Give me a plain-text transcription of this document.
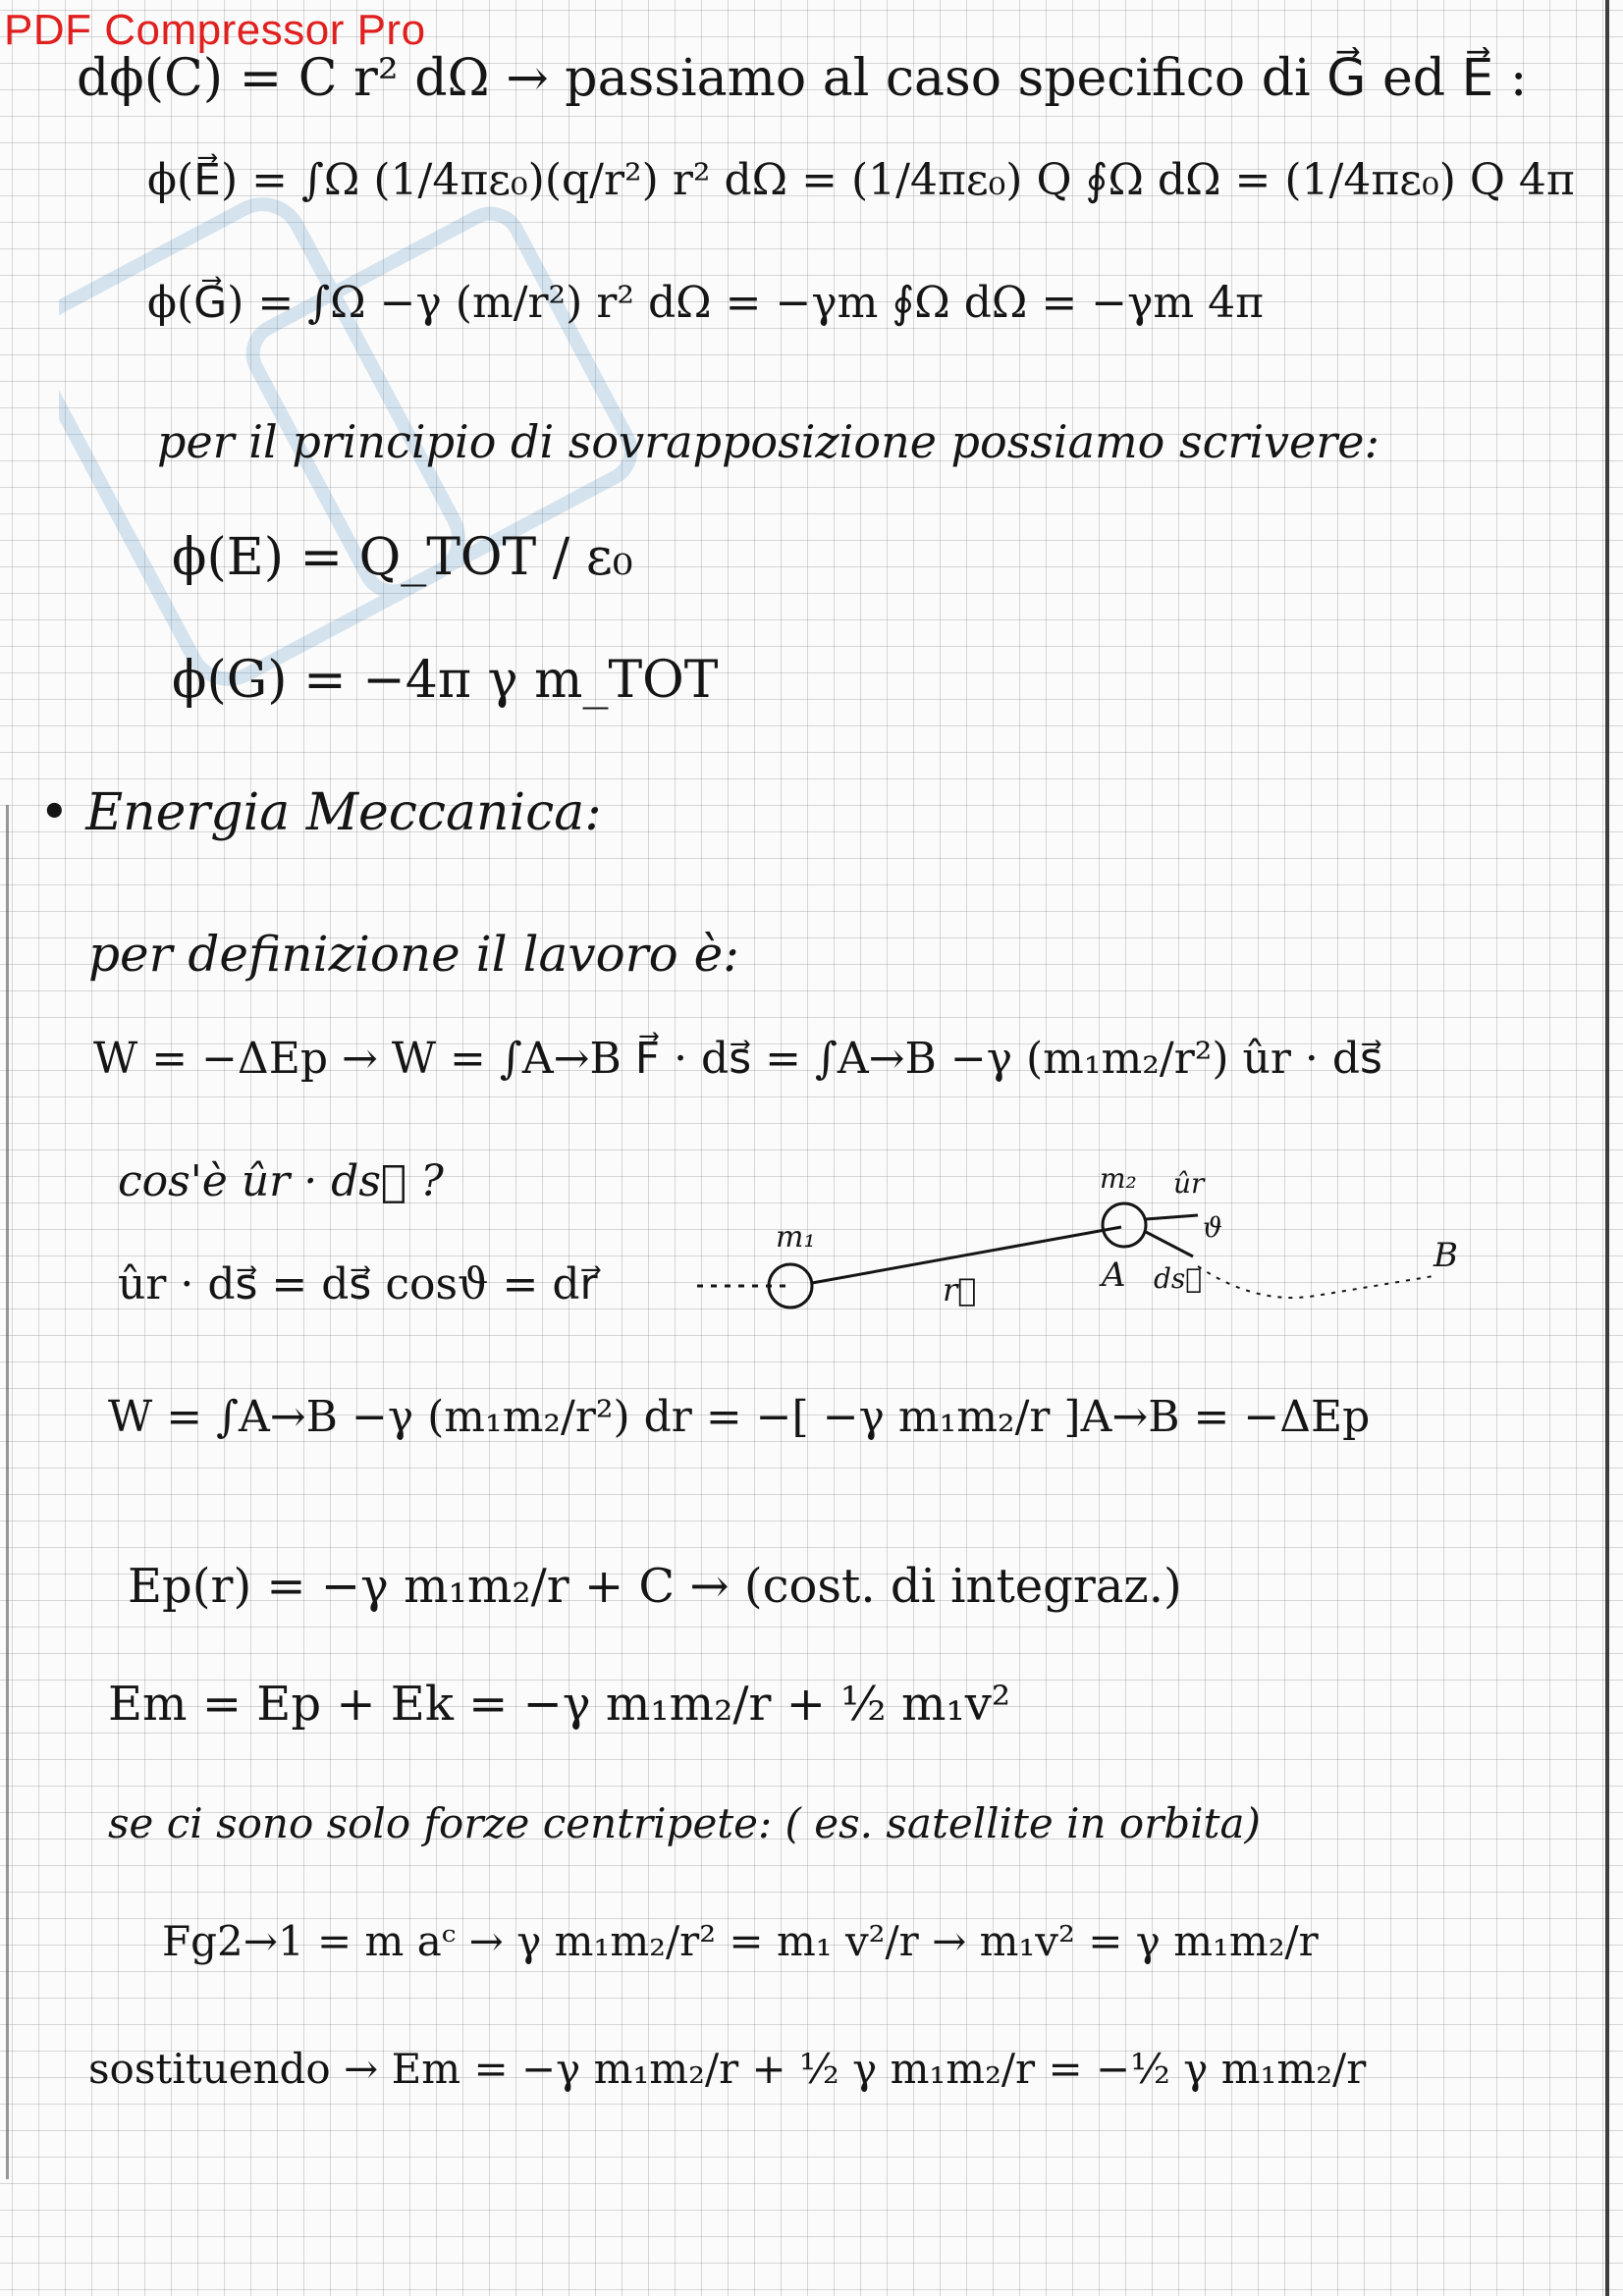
PDF Compressor Pro
dϕ(C) = C r² dΩ → passiamo al caso specifico di G⃗ ed E⃗ :
ϕ(E⃗) = ∫Ω (1/4πε₀)(q/r²) r² dΩ = (1/4πε₀) Q ∮Ω dΩ = (1/4πε₀) Q 4π
ϕ(G⃗) = ∫Ω −γ (m/r²) r² dΩ = −γm ∮Ω dΩ = −γm 4π
per il principio di sovrapposizione possiamo scrivere:
ϕ(E) = Q_TOT / ε₀
ϕ(G) = −4π γ m_TOT
• Energia Meccanica:
per definizione il lavoro è:
W = −ΔEp → W = ∫A→B F⃗ · ds⃗ = ∫A→B −γ (m₁m₂/r²) ûr · ds⃗
cos'è ûr · ds⃗ ?
ûr · ds⃗ = ds⃗ cosϑ = dr⃗
W = ∫A→B −γ (m₁m₂/r²) dr = −[ −γ m₁m₂/r ]A→B = −ΔEp
Ep(r) = −γ m₁m₂/r + C → (cost. di integraz.)
Em = Ep + Ek = −γ m₁m₂/r + ½ m₁v²
se ci sono solo forze centripete: ( es. satellite in orbita)
Fg2→1 = m aᶜ → γ m₁m₂/r² = m₁ v²/r → m₁v² = γ m₁m₂/r
sostituendo → Em = −γ m₁m₂/r + ½ γ m₁m₂/r = −½ γ m₁m₂/r
m₁
m₂ ûr
r⃗	A	B
ds⃗
ϑ
